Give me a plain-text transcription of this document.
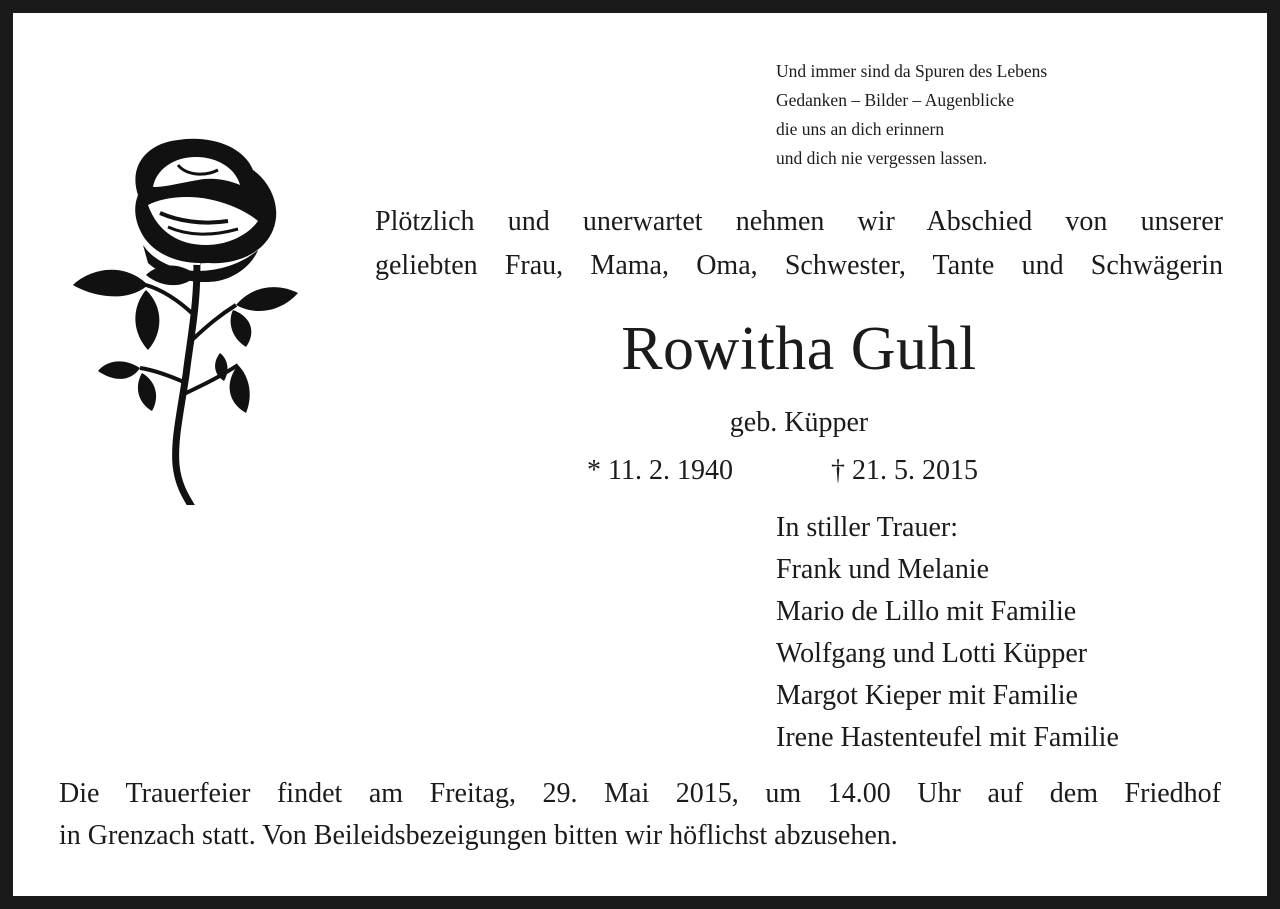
Und immer sind da Spuren des Lebens
Gedanken – Bilder – Augenblicke
die uns an dich erinnern
und dich nie vergessen lassen.
Plötzlich und unerwartet nehmen wir Abschied von unserer
geliebten Frau, Mama, Oma, Schwester, Tante und Schwägerin
Rowitha Guhl
geb. Küpper
* 11. 2. 1940	† 21. 5. 2015
In stiller Trauer:
Frank und Melanie
Mario de Lillo mit Familie
Wolfgang und Lotti Küpper
Margot Kieper mit Familie
Irene Hastenteufel mit Familie
Die Trauerfeier findet am Freitag, 29. Mai 2015, um 14.00 Uhr auf dem Friedhof
in Grenzach statt. Von Beileidsbezeigungen bitten wir höflichst abzusehen.
